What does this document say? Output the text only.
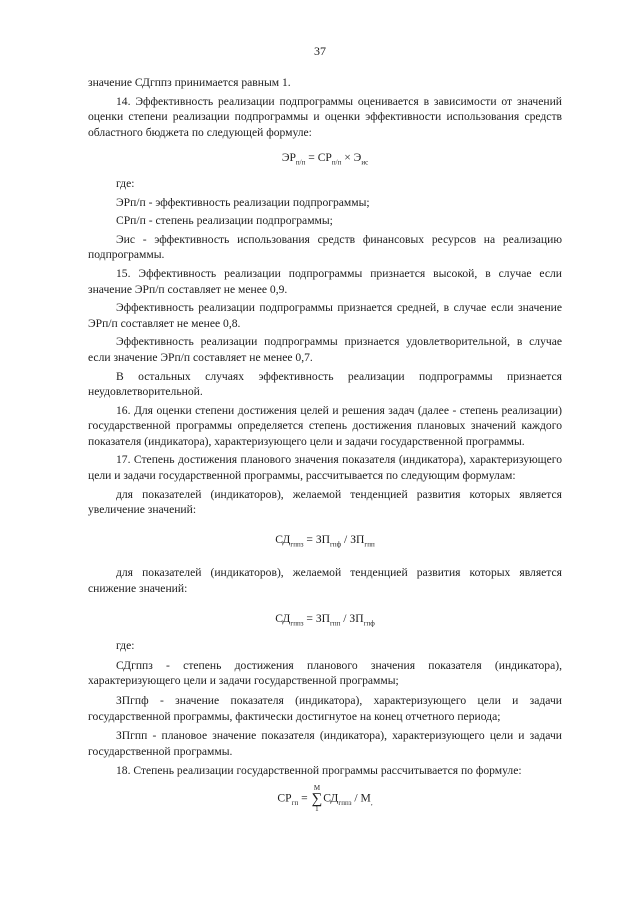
37

значение СДгппз принимается равным 1.

14. Эффективность реализации подпрограммы оценивается в зависимости от значений оценки степени реализации подпрограммы и оценки эффективности использования средств областного бюджета по следующей формуле:

$ЭР_{п/п} = СР_{п/п} \times Э_{ис}$

где:

ЭРп/п - эффективность реализации подпрограммы;

СРп/п - степень реализации подпрограммы;

Эис - эффективность использования средств финансовых ресурсов на реализацию подпрограммы.

15. Эффективность реализации подпрограммы признается высокой, в случае если значение ЭРп/п составляет не менее 0,9.

Эффективность реализации подпрограммы признается средней, в случае если значение ЭРп/п составляет не менее 0,8.

Эффективность реализации подпрограммы признается удовлетворительной, в случае если значение ЭРп/п составляет не менее 0,7.

В остальных случаях эффективность реализации подпрограммы признается неудовлетворительной.

16. Для оценки степени достижения целей и решения задач (далее - степень реализации) государственной программы определяется степень достижения плановых значений каждого показателя (индикатора), характеризующего цели и задачи государственной программы.

17. Степень достижения планового значения показателя (индикатора), характеризующего цели и задачи государственной программы, рассчитывается по следующим формулам:

для показателей (индикаторов), желаемой тенденцией развития которых является увеличение значений:

$СД_{гппз} = ЗП_{гпф} / ЗП_{гпп}$

для показателей (индикаторов), желаемой тенденцией развития которых является снижение значений:

$СД_{гппз} = ЗП_{гпп} / ЗП_{гпф}$

где:

СДгппз - степень достижения планового значения показателя (индикатора), характеризующего цели и задачи государственной программы;

ЗПгпф - значение показателя (индикатора), характеризующего цели и задачи государственной программы, фактически достигнутое на конец отчетного периода;

ЗПгпп - плановое значение показателя (индикатора), характеризующего цели и задачи государственной программы.

18. Степень реализации государственной программы рассчитывается по формуле:

$СР_{гп}$ =
M
∑
1
$СД_{гппз} / М_,$
